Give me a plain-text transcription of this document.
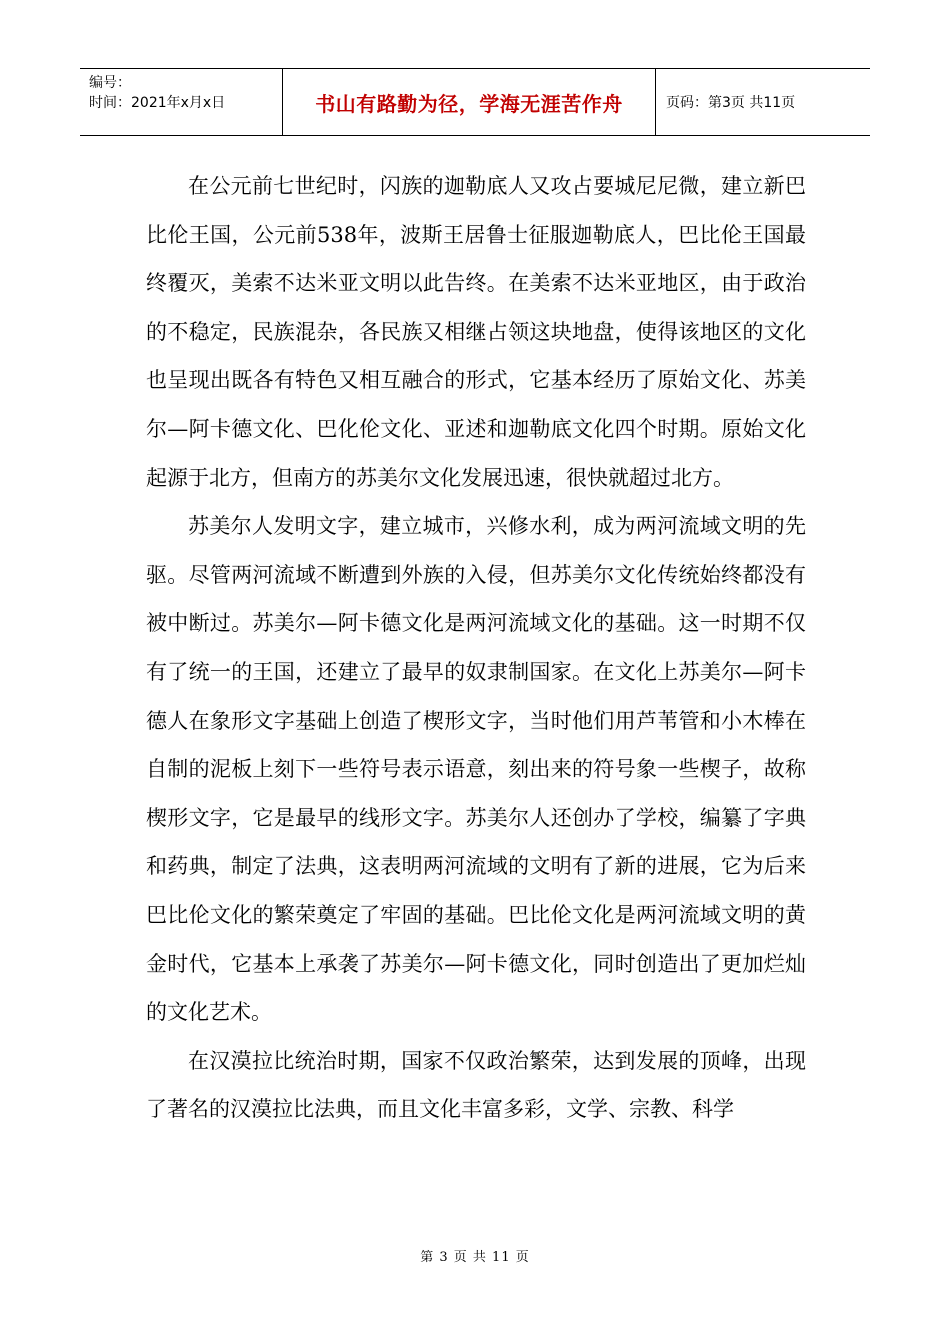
编号：
时间：2021年x月x日	书山有路勤为径，学海无涯苦作舟	页码：第3页 共11页

在公元前七世纪时，闪族的迦勒底人又攻占要城尼尼微，建立新巴比伦王国，公元前538年，波斯王居鲁士征服迦勒底人，巴比伦王国最终覆灭，美索不达米亚文明以此告终。在美索不达米亚地区，由于政治的不稳定，民族混杂，各民族又相继占领这块地盘，使得该地区的文化也呈现出既各有特色又相互融合的形式，它基本经历了原始文化、苏美尔—阿卡德文化、巴化伦文化、亚述和迦勒底文化四个时期。原始文化起源于北方，但南方的苏美尔文化发展迅速，很快就超过北方。

苏美尔人发明文字，建立城市，兴修水利，成为两河流域文明的先驱。尽管两河流域不断遭到外族的入侵，但苏美尔文化传统始终都没有被中断过。苏美尔—阿卡德文化是两河流域文化的基础。这一时期不仅有了统一的王国，还建立了最早的奴隶制国家。在文化上苏美尔—阿卡德人在象形文字基础上创造了楔形文字，当时他们用芦苇管和小木棒在自制的泥板上刻下一些符号表示语意，刻出来的符号象一些楔子，故称楔形文字，它是最早的线形文字。苏美尔人还创办了学校，编纂了字典和药典，制定了法典，这表明两河流域的文明有了新的进展，它为后来巴比伦文化的繁荣奠定了牢固的基础。巴比伦文化是两河流域文明的黄金时代，它基本上承袭了苏美尔—阿卡德文化，同时创造出了更加烂灿的文化艺术。

在汉漠拉比统治时期，国家不仅政治繁荣，达到发展的顶峰，出现了著名的汉漠拉比法典，而且文化丰富多彩，文学、宗教、科学

第 3 页 共 11 页
